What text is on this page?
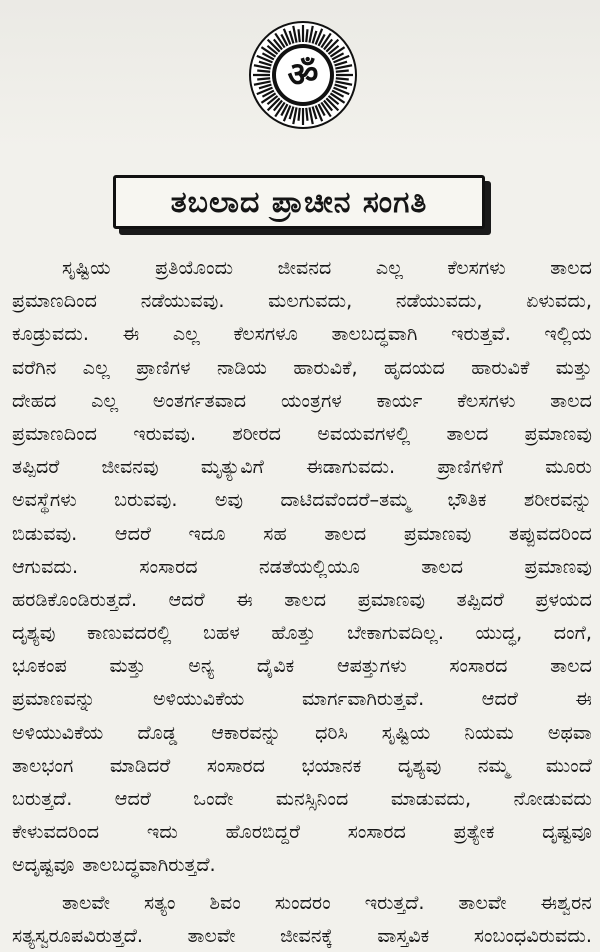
ॐ
ತಬಲಾದ ಪ್ರಾಚೀನ ಸಂಗತಿ
ಸೃಷ್ಟಿಯ ಪ್ರತಿಯೊಂದು ಜೀವನದ ಎಲ್ಲ ಕೆಲಸಗಳು ತಾಲದ
ಪ್ರಮಾಣದಿಂದ ನಡೆಯುವವು. ಮಲಗುವದು, ನಡೆಯುವದು, ಏಳುವದು,
ಕೂಡ್ರುವದು. ಈ ಎಲ್ಲ ಕೆಲಸಗಳೂ ತಾಲಬದ್ಧವಾಗಿ ಇರುತ್ತವೆ. ಇಲ್ಲಿಯ
ವರೆಗಿನ ಎಲ್ಲ ಪ್ರಾಣಿಗಳ ನಾಡಿಯ ಹಾರುವಿಕೆ, ಹೃದಯದ ಹಾರುವಿಕೆ ಮತ್ತು
ದೇಹದ ಎಲ್ಲ ಅಂತರ್ಗತವಾದ ಯಂತ್ರಗಳ ಕಾರ್ಯ ಕೆಲಸಗಳು ತಾಲದ
ಪ್ರಮಾಣದಿಂದ ಇರುವವು. ಶರೀರದ ಅವಯವಗಳಲ್ಲಿ ತಾಲದ ಪ್ರಮಾಣವು
ತಪ್ಪಿದರೆ ಜೀವನವು ಮೃತ್ಯುವಿಗೆ ಈಡಾಗುವದು. ಪ್ರಾಣಿಗಳಿಗೆ ಮೂರು
ಅವಸ್ಥೆಗಳು ಬರುವವು. ಅವು ದಾಟಿದವೆಂದರೆ–ತಮ್ಮ ಭೌತಿಕ ಶರೀರವನ್ನು
ಬಿಡುವವು. ಆದರೆ ಇದೂ ಸಹ ತಾಲದ ಪ್ರಮಾಣವು ತಪ್ಪುವದರಿಂದ
ಆಗುವದು.	ಸಂಸಾರದ	ನಡತೆಯಲ್ಲಿಯೂ	ತಾಲದ	ಪ್ರಮಾಣವು
ಹರಡಿಕೊಂಡಿರುತ್ತದೆ. ಆದರೆ ಈ ತಾಲದ ಪ್ರಮಾಣವು ತಪ್ಪಿದರೆ ಪ್ರಳಯದ
ದೃಶ್ಯವು ಕಾಣುವದರಲ್ಲಿ ಬಹಳ ಹೊತ್ತು ಬೇಕಾಗುವದಿಲ್ಲ. ಯುದ್ಧ, ದಂಗೆ,
ಭೂಕಂಪ ಮತ್ತು ಅನ್ಯ ದೈವಿಕ ಆಪತ್ತುಗಳು ಸಂಸಾರದ ತಾಲದ
ಪ್ರಮಾಣವನ್ನು	ಅಳಿಯುವಿಕೆಯ	ಮಾರ್ಗವಾಗಿರುತ್ತವೆ.	ಆದರೆ	ಈ
ಅಳಿಯುವಿಕೆಯ ದೊಡ್ಡ ಆಕಾರವನ್ನು ಧರಿಸಿ ಸೃಷ್ಟಿಯ ನಿಯಮ ಅಥವಾ
ತಾಲಭಂಗ ಮಾಡಿದರೆ ಸಂಸಾರದ ಭಯಾನಕ ದೃಶ್ಯವು ನಮ್ಮ ಮುಂದೆ
ಬರುತ್ತದೆ. ಆದರೆ ಒಂದೇ ಮನಸ್ಸಿನಿಂದ ಮಾಡುವದು, ನೋಡುವದು
ಕೇಳುವದರಿಂದ ಇದು ಹೊರಬಿದ್ದರೆ ಸಂಸಾರದ ಪ್ರತ್ಯೇಕ ದೃಷ್ಟವೂ
ಅದೃಷ್ಟವೂ ತಾಲಬದ್ಧವಾಗಿರುತ್ತದೆ.
ತಾಲವೇ ಸತ್ಯಂ ಶಿವಂ ಸುಂದರಂ ಇರುತ್ತದೆ. ತಾಲವೇ ಈಶ್ವರನ
ಸತ್ಯಸ್ವರೂಪವಿರುತ್ತದೆ. ತಾಲವೇ ಜೀವನಕ್ಕೆ ವಾಸ್ತವಿಕ ಸಂಬಂಧವಿರುವದು.
